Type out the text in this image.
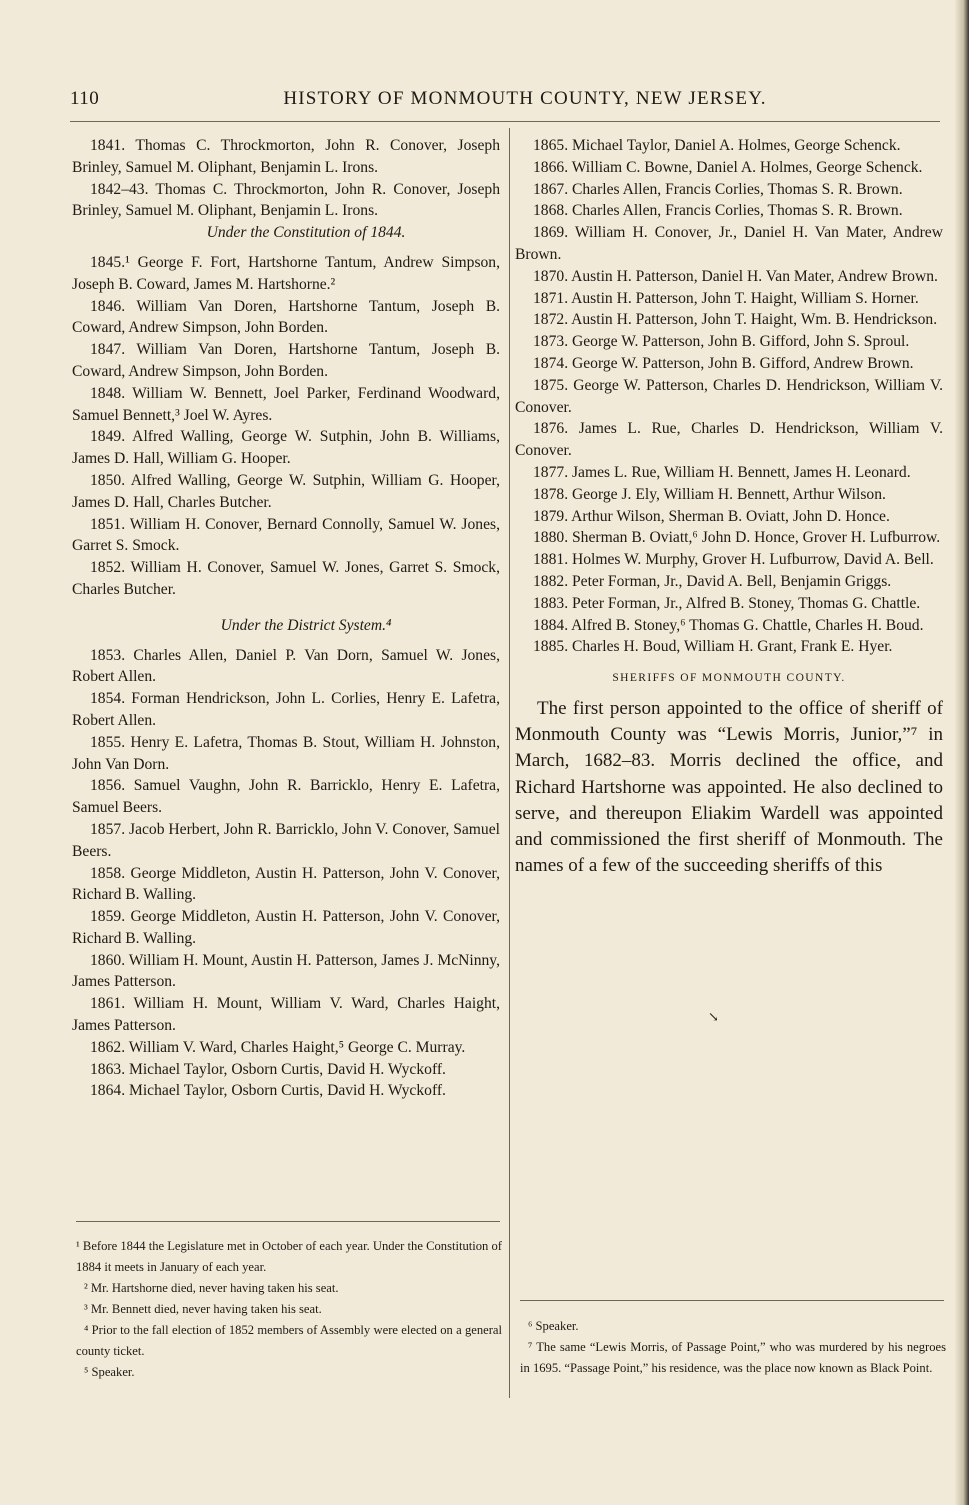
110	HISTORY OF MONMOUTH COUNTY, NEW JERSEY.

1841. Thomas C. Throckmorton, John R. Conover, Joseph Brinley, Samuel M. Oliphant, Benjamin L. Irons.

1842–43. Thomas C. Throckmorton, John R. Conover, Joseph Brinley, Samuel M. Oliphant, Benjamin L. Irons.

Under the Constitution of 1844.

1845.¹ George F. Fort, Hartshorne Tantum, Andrew Simpson, Joseph B. Coward, James M. Hartshorne.²

1846. William Van Doren, Hartshorne Tantum, Joseph B. Coward, Andrew Simpson, John Borden.

1847. William Van Doren, Hartshorne Tantum, Joseph B. Coward, Andrew Simpson, John Borden.

1848. William W. Bennett, Joel Parker, Ferdinand Woodward, Samuel Bennett,³ Joel W. Ayres.

1849. Alfred Walling, George W. Sutphin, John B. Williams, James D. Hall, William G. Hooper.

1850. Alfred Walling, George W. Sutphin, William G. Hooper, James D. Hall, Charles Butcher.

1851. William H. Conover, Bernard Connolly, Samuel W. Jones, Garret S. Smock.

1852. William H. Conover, Samuel W. Jones, Garret S. Smock, Charles Butcher.

Under the District System.⁴

1853. Charles Allen, Daniel P. Van Dorn, Samuel W. Jones, Robert Allen.

1854. Forman Hendrickson, John L. Corlies, Henry E. Lafetra, Robert Allen.

1855. Henry E. Lafetra, Thomas B. Stout, William H. Johnston, John Van Dorn.

1856. Samuel Vaughn, John R. Barricklo, Henry E. Lafetra, Samuel Beers.

1857. Jacob Herbert, John R. Barricklo, John V. Conover, Samuel Beers.

1858. George Middleton, Austin H. Patterson, John V. Conover, Richard B. Walling.

1859. George Middleton, Austin H. Patterson, John V. Conover, Richard B. Walling.

1860. William H. Mount, Austin H. Patterson, James J. McNinny, James Patterson.

1861. William H. Mount, William V. Ward, Charles Haight, James Patterson.

1862. William V. Ward, Charles Haight,⁵ George C. Murray.

1863. Michael Taylor, Osborn Curtis, David H. Wyckoff.

1864. Michael Taylor, Osborn Curtis, David H. Wyckoff.

¹ Before 1844 the Legislature met in October of each year. Under the Constitution of 1884 it meets in January of each year.

² Mr. Hartshorne died, never having taken his seat.

³ Mr. Bennett died, never having taken his seat.

⁴ Prior to the fall election of 1852 members of Assembly were elected on a general county ticket.

⁵ Speaker.

1865. Michael Taylor, Daniel A. Holmes, George Schenck.

1866. William C. Bowne, Daniel A. Holmes, George Schenck.

1867. Charles Allen, Francis Corlies, Thomas S. R. Brown.

1868. Charles Allen, Francis Corlies, Thomas S. R. Brown.

1869. William H. Conover, Jr., Daniel H. Van Mater, Andrew Brown.

1870. Austin H. Patterson, Daniel H. Van Mater, Andrew Brown.

1871. Austin H. Patterson, John T. Haight, William S. Horner.

1872. Austin H. Patterson, John T. Haight, Wm. B. Hendrickson.

1873. George W. Patterson, John B. Gifford, John S. Sproul.

1874. George W. Patterson, John B. Gifford, Andrew Brown.

1875. George W. Patterson, Charles D. Hendrickson, William V. Conover.

1876. James L. Rue, Charles D. Hendrickson, William V. Conover.

1877. James L. Rue, William H. Bennett, James H. Leonard.

1878. George J. Ely, William H. Bennett, Arthur Wilson.

1879. Arthur Wilson, Sherman B. Oviatt, John D. Honce.

1880. Sherman B. Oviatt,⁶ John D. Honce, Grover H. Lufburrow.

1881. Holmes W. Murphy, Grover H. Lufburrow, David A. Bell.

1882. Peter Forman, Jr., David A. Bell, Benjamin Griggs.

1883. Peter Forman, Jr., Alfred B. Stoney, Thomas G. Chattle.

1884. Alfred B. Stoney,⁶ Thomas G. Chattle, Charles H. Boud.

1885. Charles H. Boud, William H. Grant, Frank E. Hyer.

SHERIFFS OF MONMOUTH COUNTY.

The first person appointed to the office of sheriff of Monmouth County was “Lewis Morris, Junior,”⁷ in March, 1682–83. Morris declined the office, and Richard Hartshorne was appointed. He also declined to serve, and thereupon Eliakim Wardell was appointed and commissioned the first sheriff of Monmouth. The names of a few of the succeeding sheriffs of this

↘

⁶ Speaker.

⁷ The same “Lewis Morris, of Passage Point,” who was murdered by his negroes in 1695. “Passage Point,” his residence, was the place now known as Black Point.
